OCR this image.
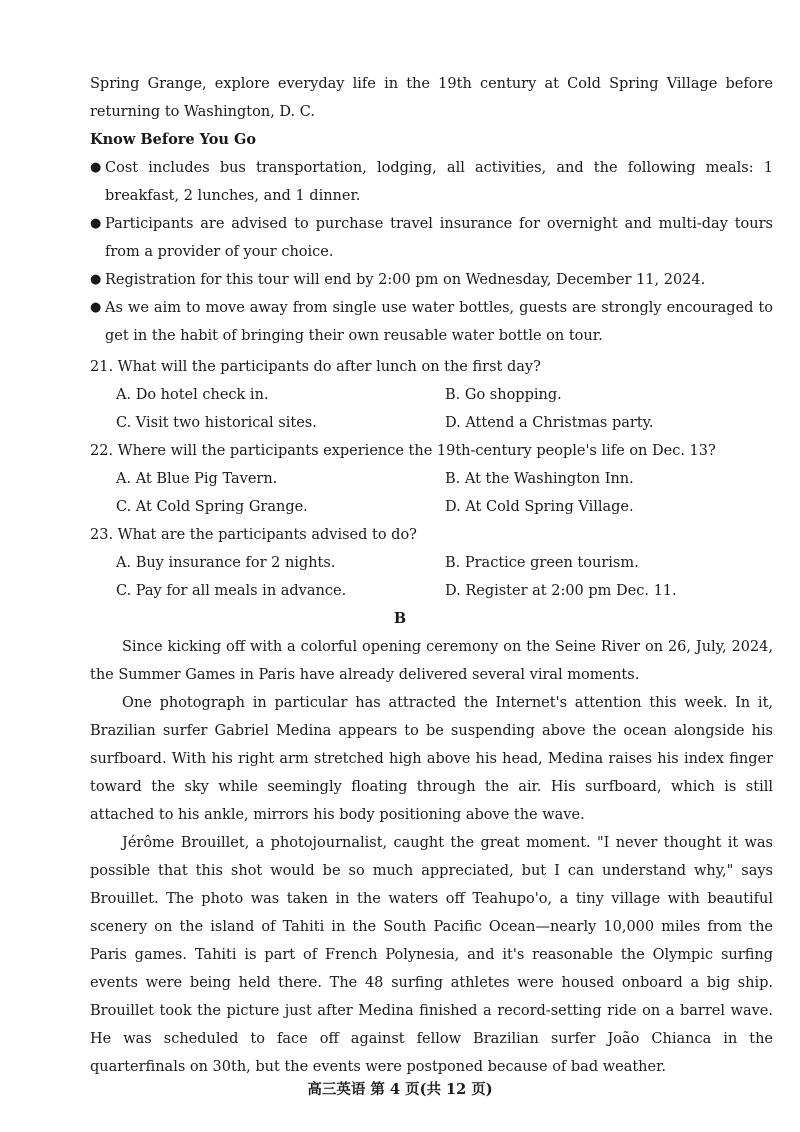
Spring Grange, explore everyday life in the 19th century at Cold Spring Village before returning to Washington, D. C.
Know Before You Go
● Cost includes bus transportation, lodging, all activities, and the following meals: 1 breakfast, 2 lunches, and 1 dinner.
● Participants are advised to purchase travel insurance for overnight and multi-day tours from a provider of your choice.
● Registration for this tour will end by 2:00 pm on Wednesday, December 11, 2024.
● As we aim to move away from single use water bottles, guests are strongly encouraged to get in the habit of bringing their own reusable water bottle on tour.
21. What will the participants do after lunch on the first day?
A. Do hotel check in.	B. Go shopping.
C. Visit two historical sites.	D. Attend a Christmas party.
22. Where will the participants experience the 19th-century people's life on Dec. 13?
A. At Blue Pig Tavern.	B. At the Washington Inn.
C. At Cold Spring Grange.	D. At Cold Spring Village.
23. What are the participants advised to do?
A. Buy insurance for 2 nights.	B. Practice green tourism.
C. Pay for all meals in advance.	D. Register at 2:00 pm Dec. 11.
B

Since kicking off with a colorful opening ceremony on the Seine River on 26, July, 2024, the Summer Games in Paris have already delivered several viral moments.

One photograph in particular has attracted the Internet's attention this week. In it, Brazilian surfer Gabriel Medina appears to be suspending above the ocean alongside his surfboard. With his right arm stretched high above his head, Medina raises his index finger toward the sky while seemingly floating through the air. His surfboard, which is still attached to his ankle, mirrors his body positioning above the wave.

Jérôme Brouillet, a photojournalist, caught the great moment. "I never thought it was possible that this shot would be so much appreciated, but I can understand why," says Brouillet. The photo was taken in the waters off Teahupo'o, a tiny village with beautiful scenery on the island of Tahiti in the South Pacific Ocean—nearly 10,000 miles from the Paris games. Tahiti is part of French Polynesia, and it's reasonable the Olympic surfing events were being held there. The 48 surfing athletes were housed onboard a big ship. Brouillet took the picture just after Medina finished a record-setting ride on a barrel wave. He was scheduled to face off against fellow Brazilian surfer João Chianca in the quarterfinals on 30th, but the events were postponed because of bad weather.

高三英语 第 4 页(共 12 页)
